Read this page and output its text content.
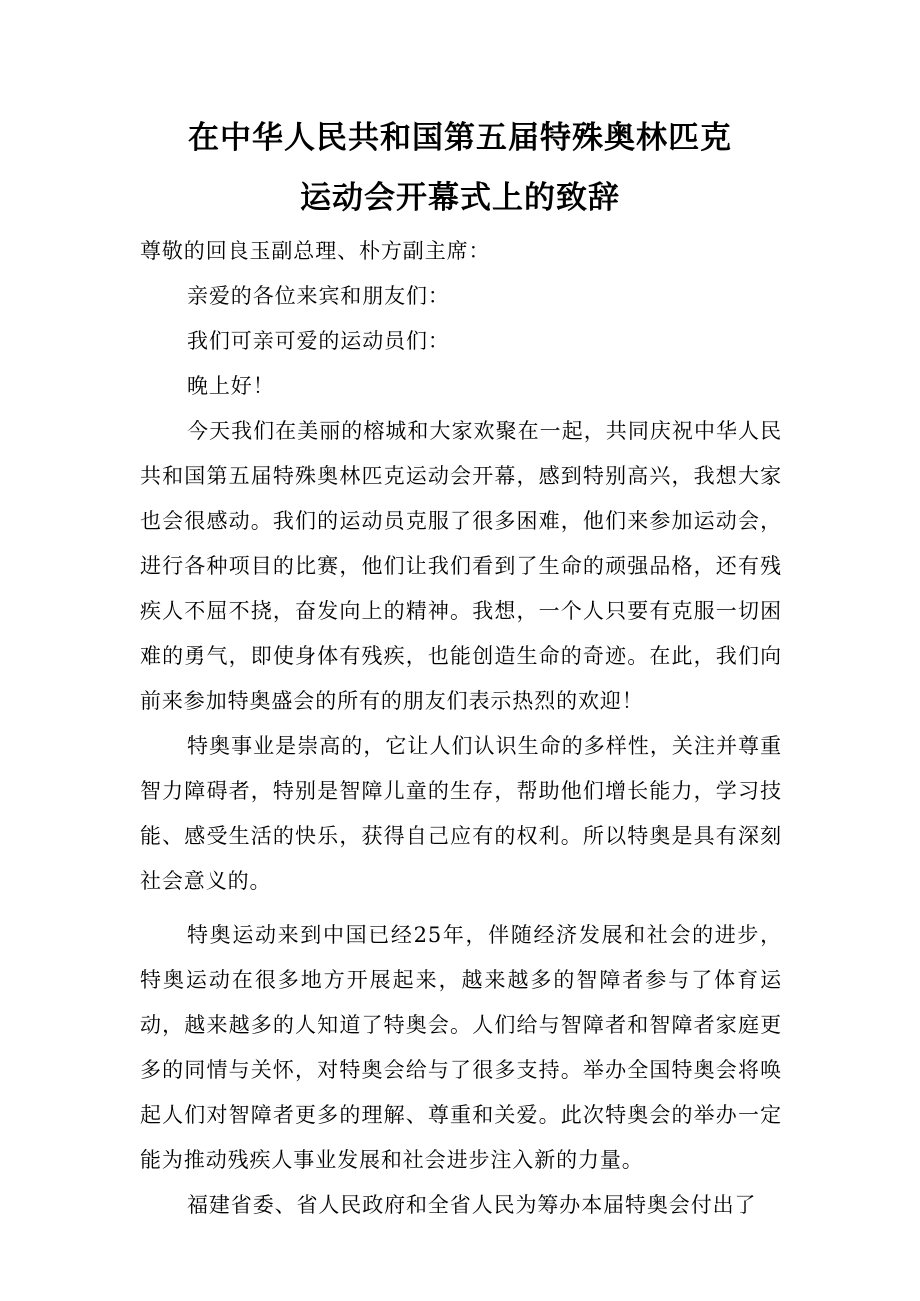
在中华人民共和国第五届特殊奥林匹克
运动会开幕式上的致辞

尊敬的回良玉副总理、朴方副主席：

亲爱的各位来宾和朋友们：

我们可亲可爱的运动员们：

晚上好！

今天我们在美丽的榕城和大家欢聚在一起，共同庆祝中华人民共和国第五届特殊奥林匹克运动会开幕，感到特别高兴，我想大家也会很感动。我们的运动员克服了很多困难，他们来参加运动会，进行各种项目的比赛，他们让我们看到了生命的顽强品格，还有残疾人不屈不挠，奋发向上的精神。我想，一个人只要有克服一切困难的勇气，即使身体有残疾，也能创造生命的奇迹。在此，我们向前来参加特奥盛会的所有的朋友们表示热烈的欢迎！

特奥事业是崇高的，它让人们认识生命的多样性，关注并尊重智力障碍者，特别是智障儿童的生存，帮助他们增长能力，学习技能、感受生活的快乐，获得自己应有的权利。所以特奥是具有深刻社会意义的。

特奥运动来到中国已经25年，伴随经济发展和社会的进步，特奥运动在很多地方开展起来，越来越多的智障者参与了体育运动，越来越多的人知道了特奥会。人们给与智障者和智障者家庭更多的同情与关怀，对特奥会给与了很多支持。举办全国特奥会将唤起人们对智障者更多的理解、尊重和关爱。此次特奥会的举办一定能为推动残疾人事业发展和社会进步注入新的力量。

福建省委、省人民政府和全省人民为筹办本届特奥会付出了
